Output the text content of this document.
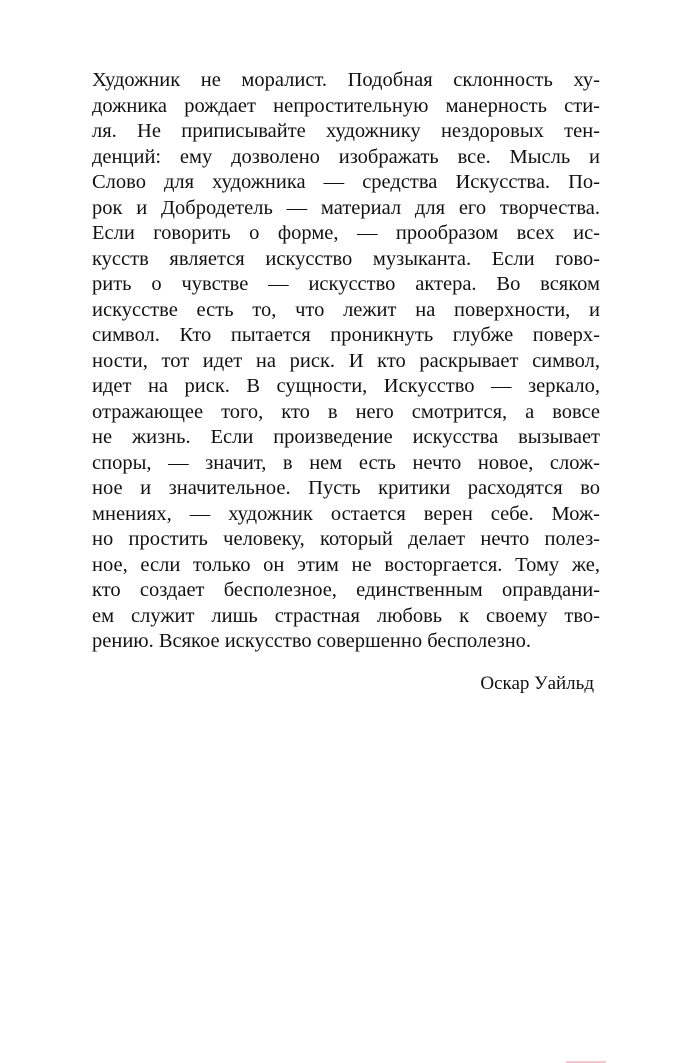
Художник не моралист. Подобная склонность ху-
дожника рождает непростительную манерность сти-
ля. Не приписывайте художнику нездоровых тен-
денций: ему дозволено изображать все. Мысль и
Слово для художника — средства Искусства. По-
рок и Добродетель — материал для его творчества.
Если говорить о форме, — прообразом всех ис-
кусств является искусство музыканта. Если гово-
рить о чувстве — искусство актера. Во всяком
искусстве есть то, что лежит на поверхности, и
символ. Кто пытается проникнуть глубже поверх-
ности, тот идет на риск. И кто раскрывает символ,
идет на риск. В сущности, Искусство — зеркало,
отражающее того, кто в него смотрится, а вовсе
не жизнь. Если произведение искусства вызывает
споры, — значит, в нем есть нечто новое, слож-
ное и значительное. Пусть критики расходятся во
мнениях, — художник остается верен себе. Мож-
но простить человеку, который делает нечто полез-
ное, если только он этим не восторгается. Тому же,
кто создает бесполезное, единственным оправдани-
ем служит лишь страстная любовь к своему тво-
рению. Всякое искусство совершенно бесполезно.
Оскар Уайльд
